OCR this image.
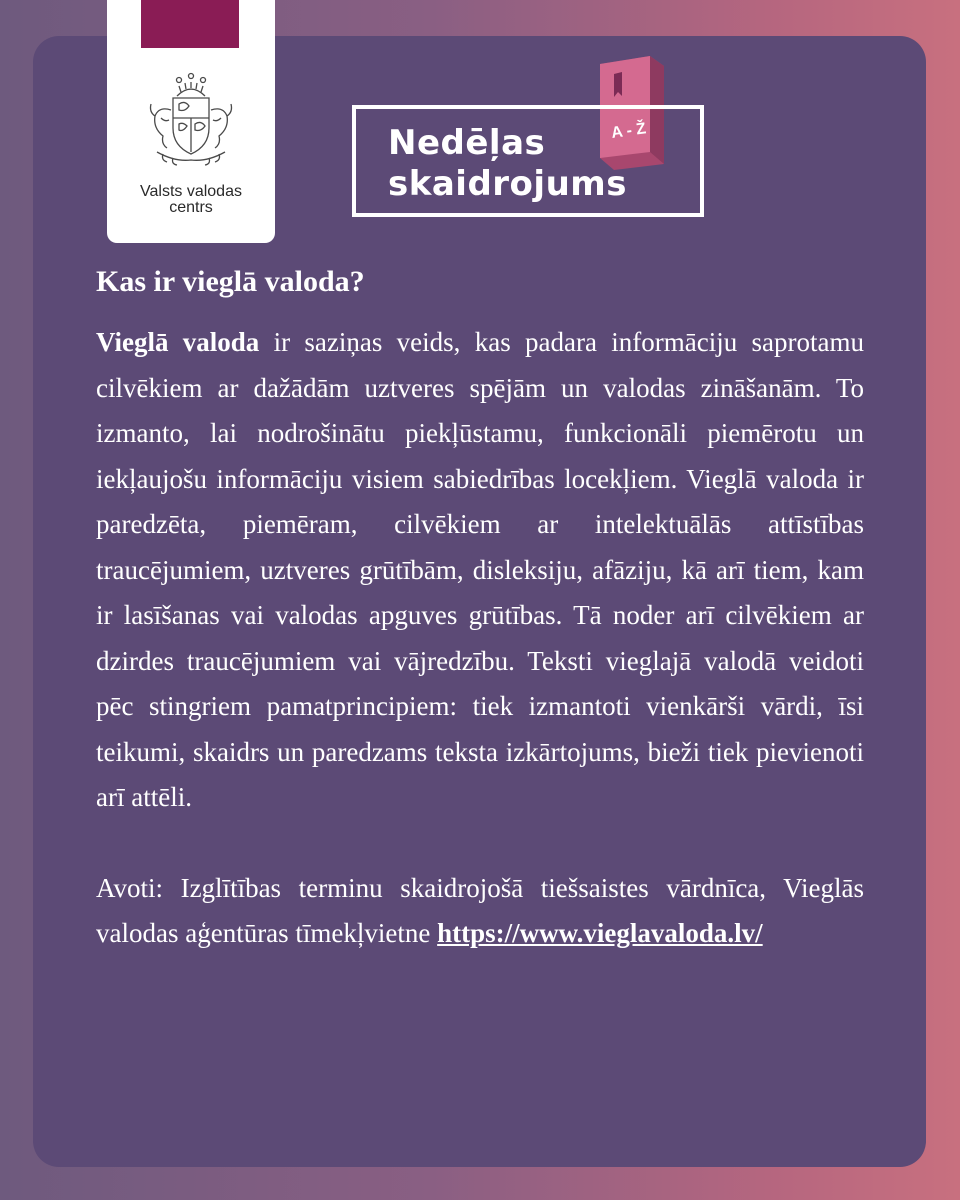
Valsts valodas
centrs
A - Ž
Nedēļas
skaidrojums
Kas ir vieglā valoda?

Vieglā valoda ir saziņas veids, kas padara informāciju saprotamu cilvēkiem ar dažādām uztveres spējām un valodas zināšanām. To izmanto, lai nodrošinātu piekļūstamu, funkcionāli piemērotu un iekļaujošu informāciju visiem sabiedrības locekļiem. Vieglā valoda ir paredzēta, piemēram, cilvēkiem ar intelektuālās attīstības traucējumiem, uztveres grūtībām, disleksiju, afāziju, kā arī tiem, kam ir lasīšanas vai valodas apguves grūtības. Tā noder arī cilvēkiem ar dzirdes traucējumiem vai vājredzību. Teksti vieglajā valodā veidoti pēc stingriem pamatprincipiem: tiek izmantoti vienkārši vārdi, īsi teikumi, skaidrs un paredzams teksta izkārtojums, bieži tiek pievienoti arī attēli.

Avoti: Izglītības terminu skaidrojošā tiešsaistes vārdnīca, Vieglās valodas aģentūras tīmekļvietne https://www.vieglavaloda.lv/
